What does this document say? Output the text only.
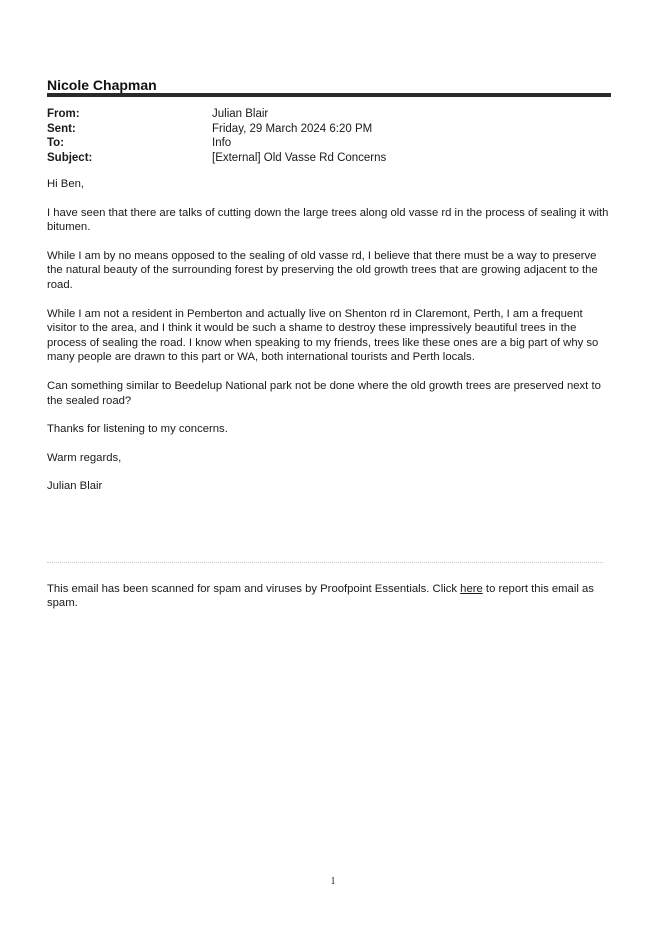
Nicole Chapman
From:	Julian Blair
Sent:	Friday, 29 March 2024 6:20 PM
To:	Info
Subject:	[External] Old Vasse Rd Concerns

Hi Ben,

I have seen that there are talks of cutting down the large trees along old vasse rd in the process of sealing it with bitumen.

While I am by no means opposed to the sealing of old vasse rd, I believe that there must be a way to preserve the natural beauty of the surrounding forest by preserving the old growth trees that are growing adjacent to the road.

While I am not a resident in Pemberton and actually live on Shenton rd in Claremont, Perth, I am a frequent visitor to the area, and I think it would be such a shame to destroy these impressively beautiful trees in the process of sealing the road. I know when speaking to my friends, trees like these ones are a big part of why so many people are drawn to this part or WA, both international tourists and Perth locals.

Can something similar to Beedelup National park not be done where the old growth trees are preserved next to the sealed road?

Thanks for listening to my concerns.

Warm regards,

Julian Blair

This email has been scanned for spam and viruses by Proofpoint Essentials. Click here to report this email as spam.
1
